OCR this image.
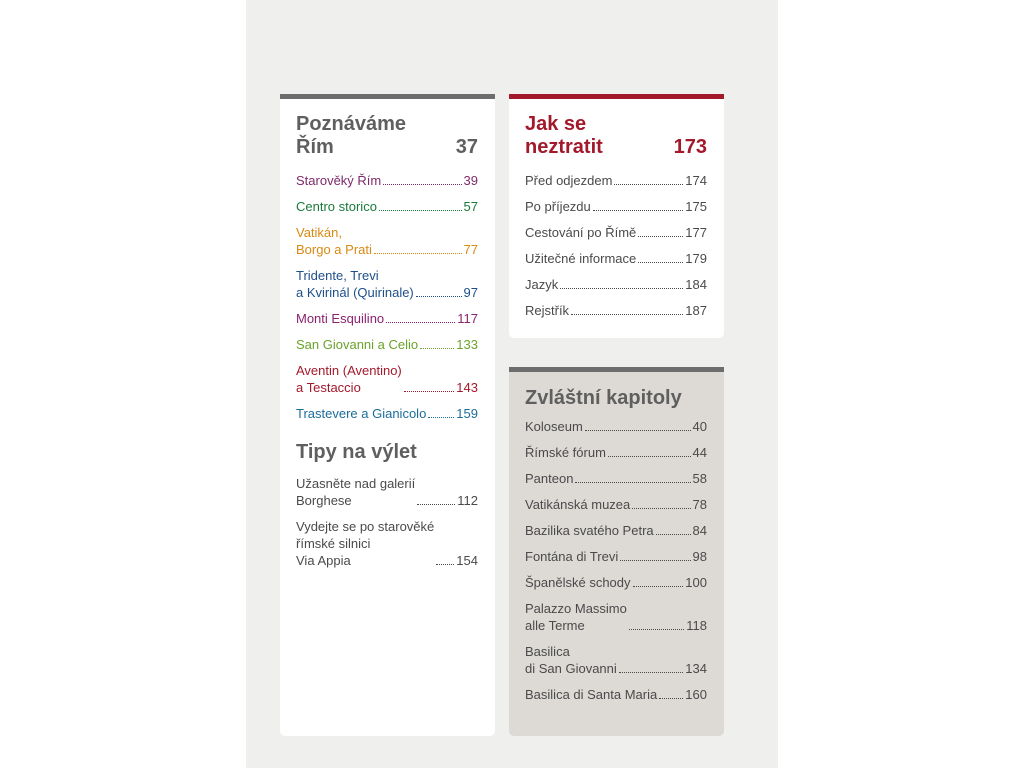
Poznáváme
Řím	37
Starověký Řím	39
Centro storico	57
Vatikán,
Borgo a Prati	77
Tridente, Trevi
a Kvirinál (Quirinale)	97
Monti Esquilino	117
San Giovanni a Celio	133
Aventin (Aventino)
a Testaccio	143
Trastevere a Gianicolo 159
Tipy na výlet
Užasněte nad galerií
Borghese	112
Vydejte se po starověké
římské silnici
Via Appia	154
Jak se
neztratit	173
Před odjezdem	174
Po příjezdu	175
Cestování po Římě	177
Užitečné informace	179
Jazyk	184
Rejstřík	187
Zvláštní kapitoly
Koloseum	40
Římské fórum	44
Panteon	58
Vatikánská muzea	78
Bazilika svatého Petra	84
Fontána di Trevi	98
Španělské schody	100
Palazzo Massimo
alle Terme	118
Basilica
di San Giovanni	134
Basilica di Santa Maria 160
